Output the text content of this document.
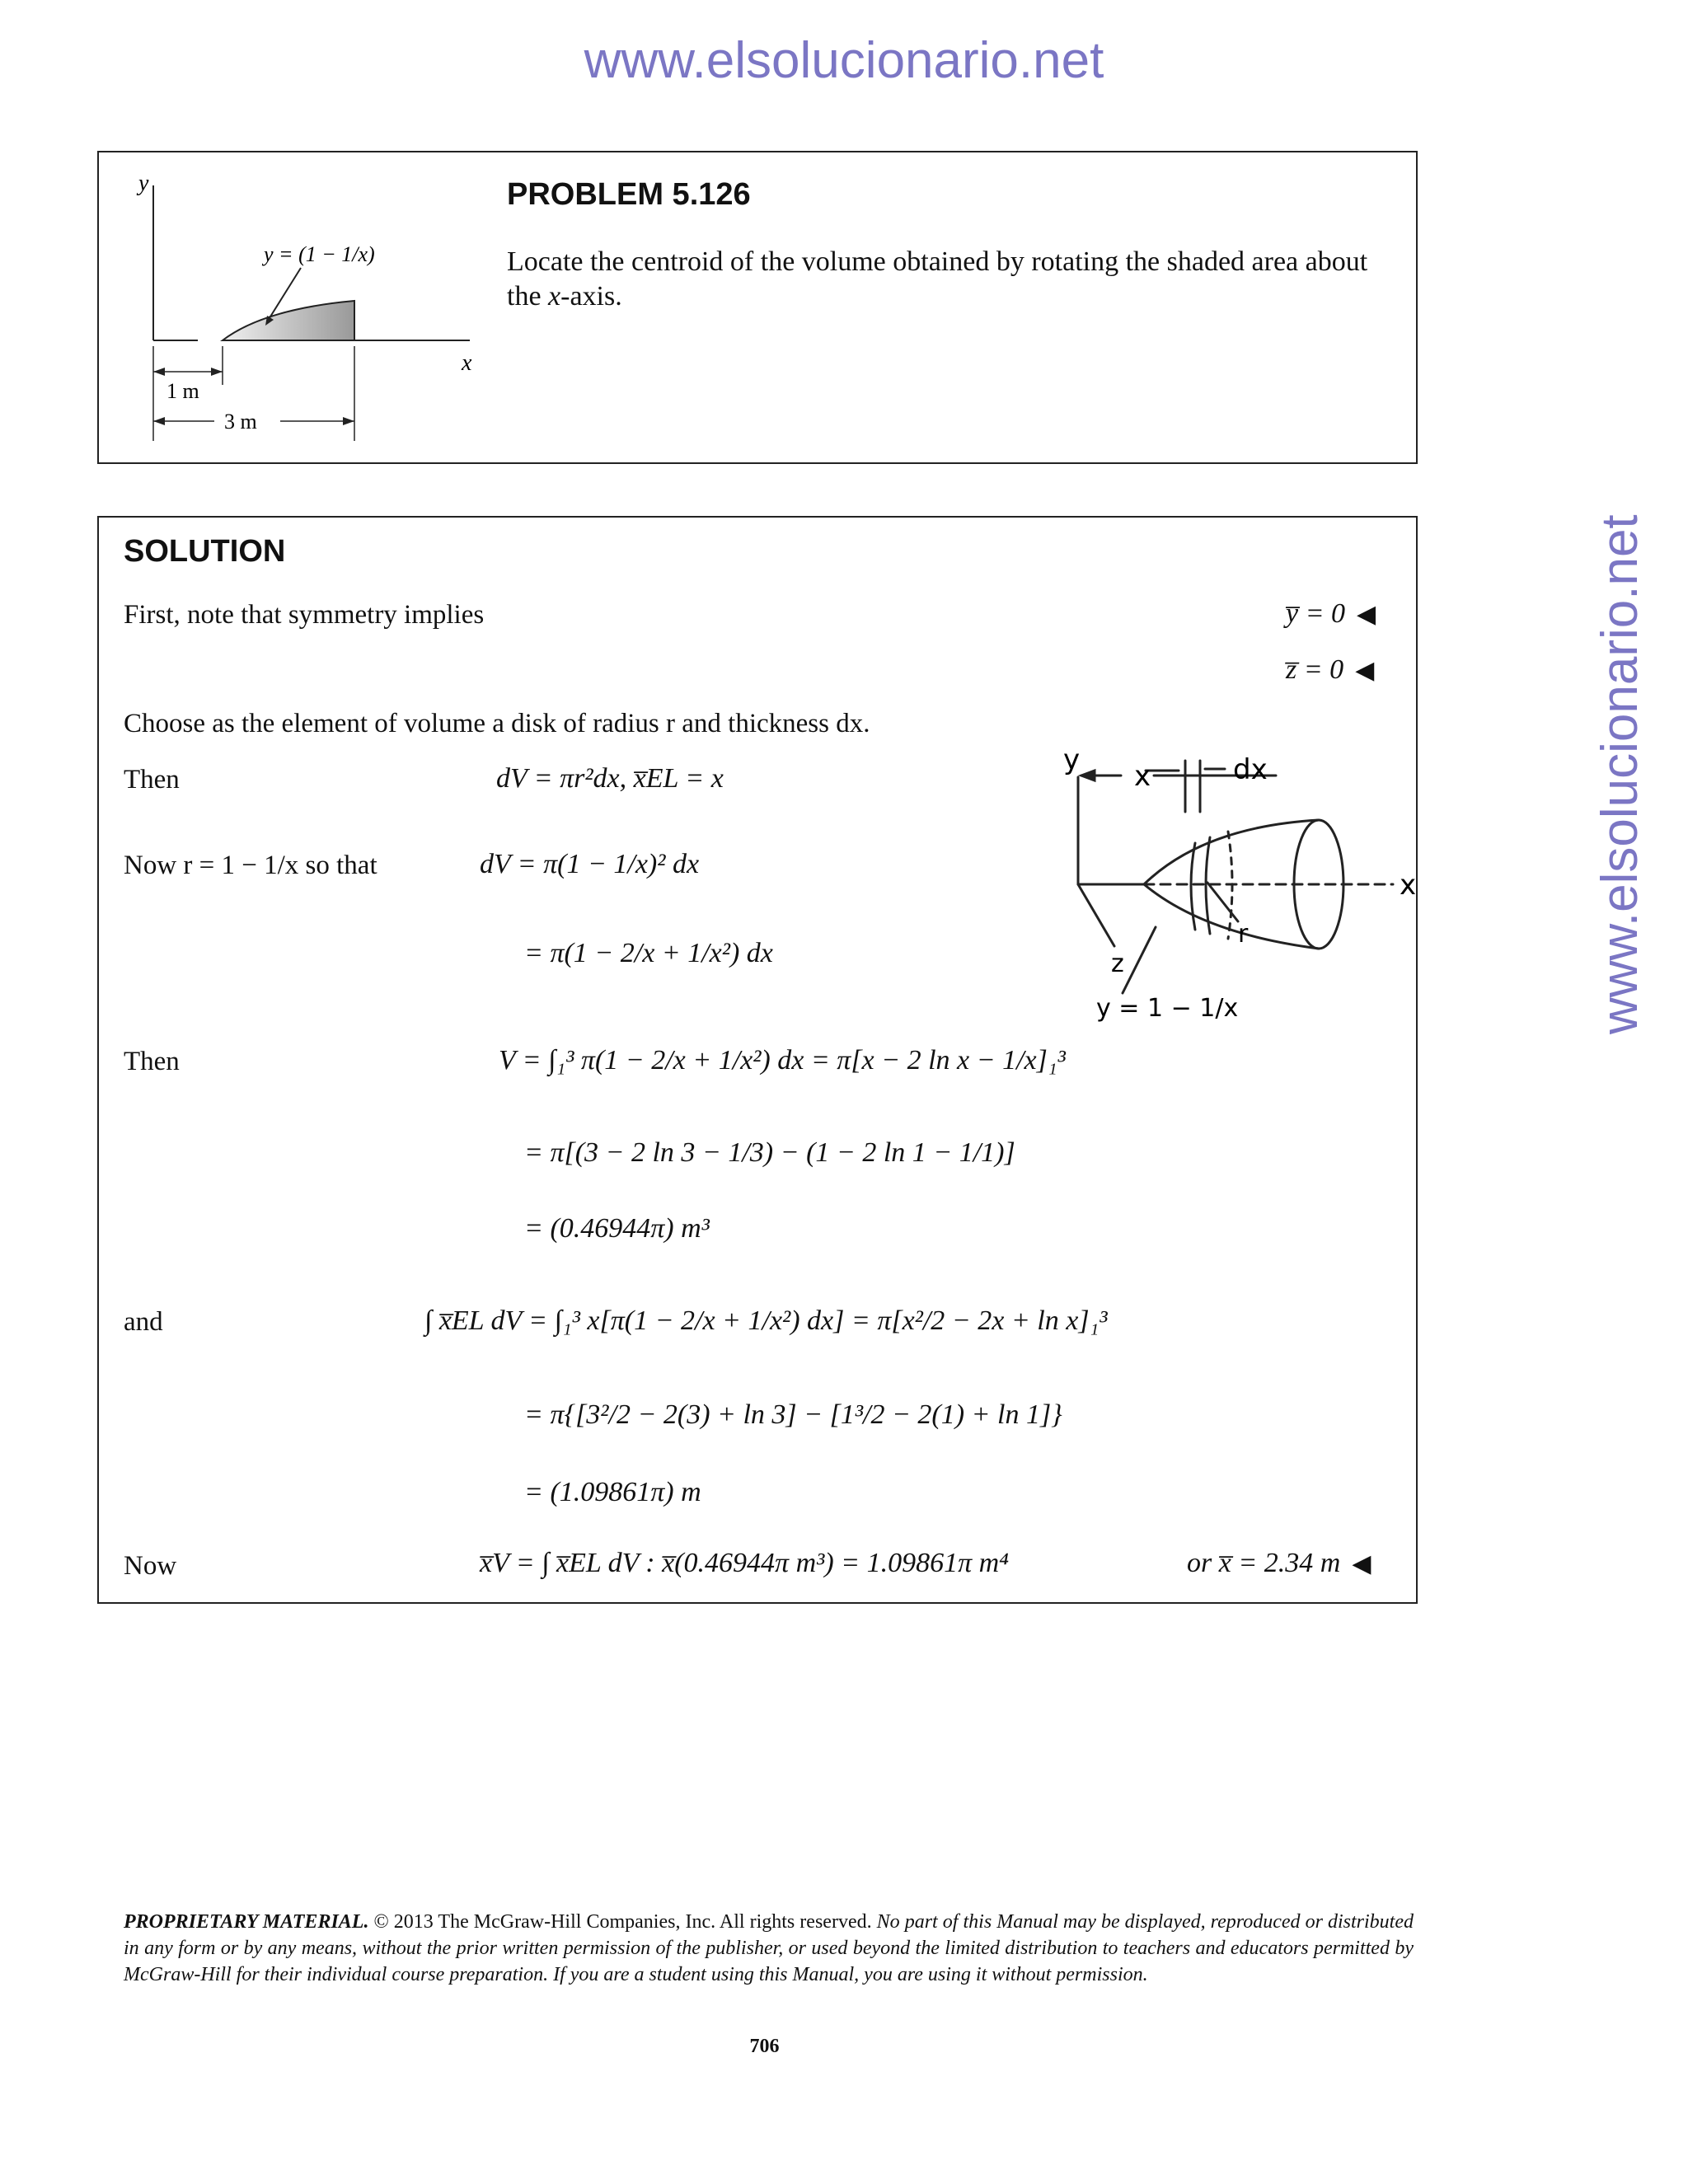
www.elsolucionario.net
www.elsolucionario.net
y
x
y = (1 − 1/x)
1 m
3 m
PROBLEM 5.126
Locate the centroid of the volume obtained by rotating the shaded area about the x-axis.
SOLUTION
First, note that symmetry implies	y̅ = 0 ◀
z̅ = 0 ◀
Choose as the element of volume a disk of radius r and thickness dx.
Then	dV = πr²dx, x̅EL = x
Now r = 1 − 1/x so that	dV = π(1 − 1/x)² dx
= π(1 − 2/x + 1/x²) dx
Then	V = ∫₁³ π(1 − 2/x + 1/x²) dx = π[x − 2 ln x − 1/x]₁³
= π[(3 − 2 ln 3 − 1/3) − (1 − 2 ln 1 − 1/1)]
= (0.46944π) m³
and	∫ x̅EL dV = ∫₁³ x[π(1 − 2/x + 1/x²) dx] = π[x²/2 − 2x + ln x]₁³
= π{[3²/2 − 2(3) + ln 3] − [1³/2 − 2(1) + ln 1]}
= (1.09861π) m
Now	x̅V = ∫ x̅EL dV : x̅(0.46944π m³) = 1.09861π m⁴	or x̅ = 2.34 m ◀
y x	dx
x
z
r
y = 1 − 1/x
PROPRIETARY MATERIAL. © 2013 The McGraw-Hill Companies, Inc. All rights reserved. No part of this Manual may be displayed, reproduced or distributed in any form or by any means, without the prior written permission of the publisher, or used beyond the limited distribution to teachers and educators permitted by McGraw-Hill for their individual course preparation. If you are a student using this Manual, you are using it without permission.
706
